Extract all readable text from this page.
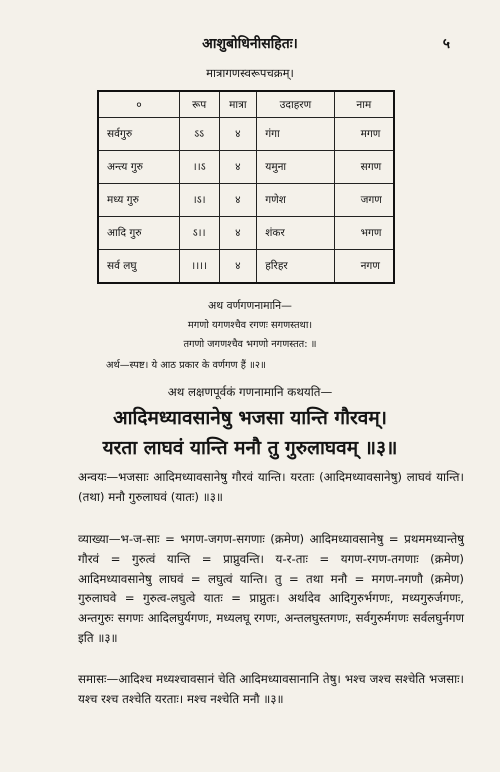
आशुबोधिनीसहितः।	५
मात्रागणस्वरूपचक्रम्।
०	रूप	मात्रा	उदाहरण	नाम
सर्वगुरु	ऽऽ	४	गंगा	मगण
अन्त्य गुरु	।।ऽ	४	यमुना	सगण
मध्य गुरु	।ऽ।	४	गणेश	जगण
आदि गुरु	ऽ।।	४	शंकर	भगण
सर्व लघु	।।।।	४	हरिहर	नगण
अथ वर्णगणनामानि—
मगणो यगणश्चैव रगणः सगणस्तथा।
तगणो जगणश्चैव भगणो नगणस्तत: ॥
अर्थ—स्पष्ट। ये आठ प्रकार के वर्णगण हैं ॥२॥
अथ लक्षणपूर्वकं गणनामानि कथयति—
आदिमध्यावसानेषु भजसा यान्ति गौरवम्।
यरता लाघवं यान्ति मनौ तु गुरुलाघवम् ॥३॥
अन्वयः—भजसाः आदिमध्यावसानेषु गौरवं यान्ति। यरताः (आदिमध्यावसानेषु) लाघवं यान्ति। (तथा) मनौ गुरुलाघवं (यातः) ॥३॥
व्याख्या—भ-ज-साः = भगण-जगण-सगणाः (क्रमेण) आदिमध्यावसानेषु = प्रथममध्यान्तेषु गौरवं = गुरुत्वं यान्ति = प्राप्नुवन्ति। य-र-ताः = यगण-रगण-तगणाः (क्रमेण) आदिमध्यावसानेषु लाघवं = लघुत्वं यान्ति। तु = तथा मनौ = मगण-नगणौ (क्रमेण) गुरुलाघवे = गुरुत्व-लघुत्वे यातः = प्राप्नुतः। अर्थादेव आदिगुरुर्भगणः, मध्यगुरुर्जगणः, अन्तगुरुः सगणः आदिलघुर्यगणः, मध्यलघू रगणः, अन्तलघुस्तगणः, सर्वगुरुर्मगणः सर्वलघुर्नगण इति ॥३॥
समासः—आदिश्च मध्यश्चावसानं चेति आदिमध्यावसानानि तेषु। भश्च जश्च सश्चेति भजसाः। यश्च रश्च तश्चेति यरताः। मश्च नश्चेति मनौ ॥३॥
